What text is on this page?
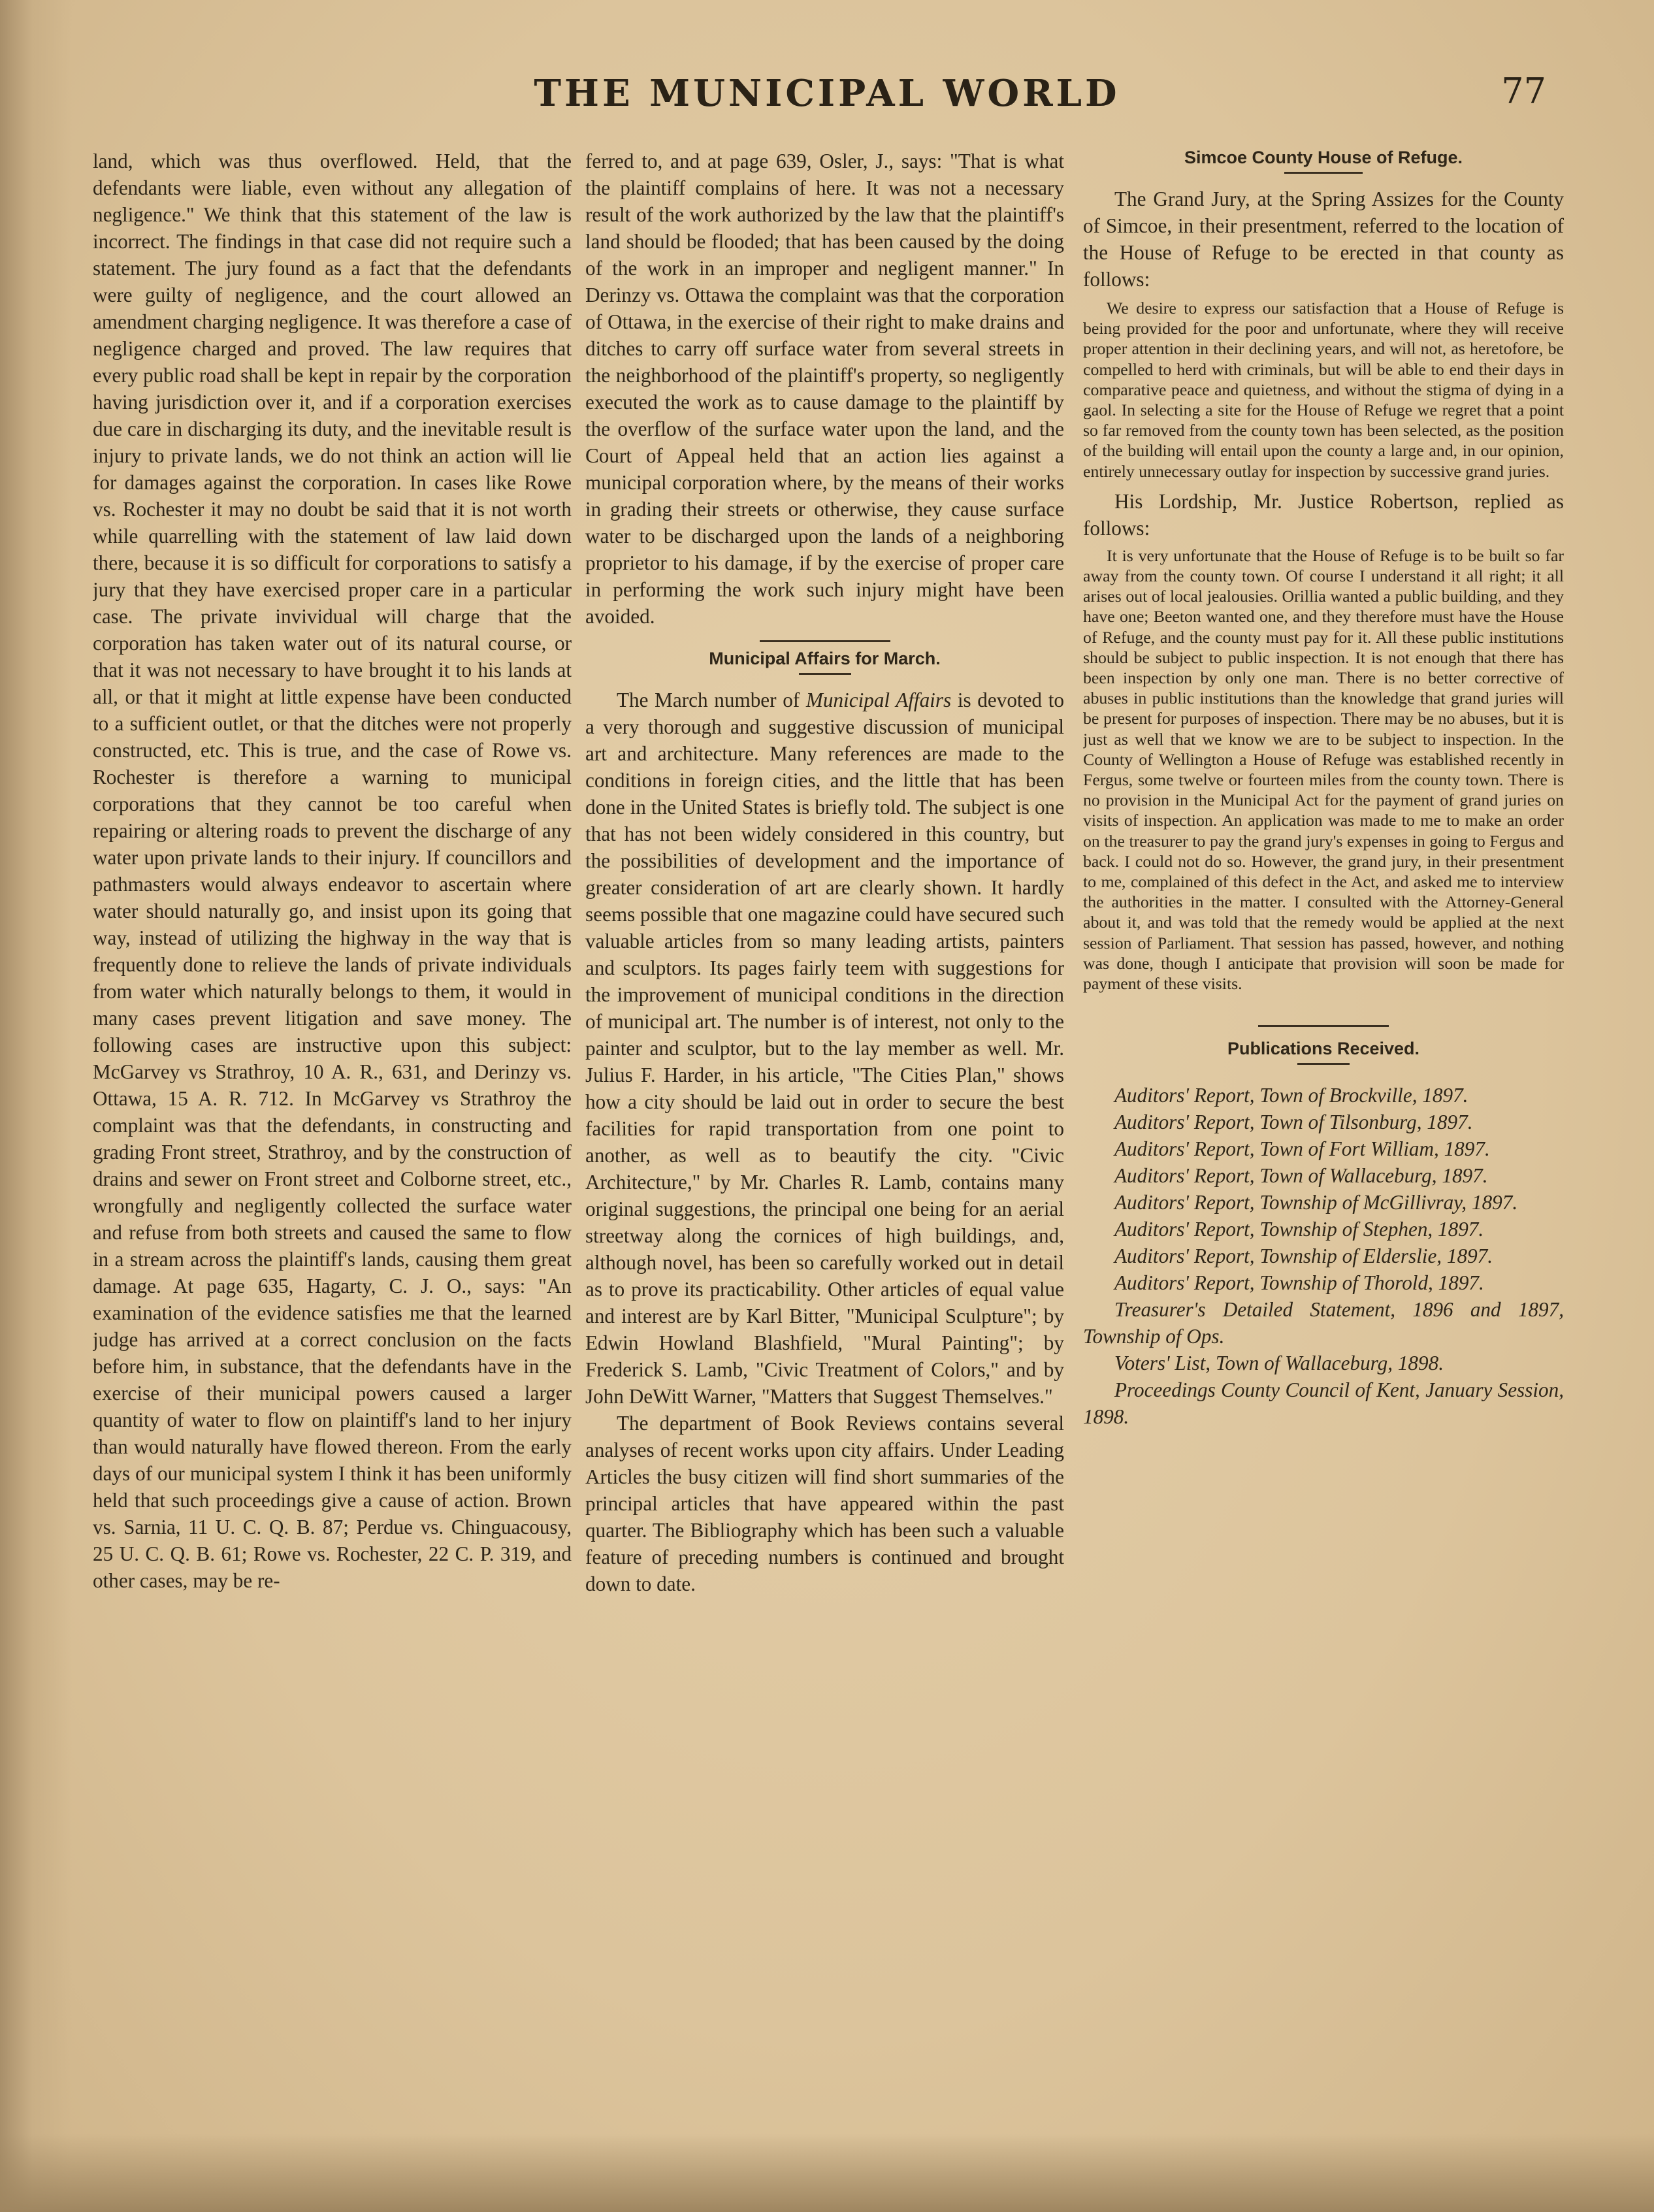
THE MUNICIPAL WORLD	77

land, which was thus overflowed. Held, that the defendants were liable, even without any allegation of negligence." We think that this statement of the law is incorrect. The findings in that case did not require such a statement. The jury found as a fact that the defendants were guilty of negligence, and the court allowed an amendment charging negligence. It was therefore a case of negligence charged and proved. The law requires that every public road shall be kept in repair by the corporation having jurisdiction over it, and if a corporation exercises due care in discharging its duty, and the inevitable result is injury to private lands, we do not think an action will lie for damages against the corporation. In cases like Rowe vs. Rochester it may no doubt be said that it is not worth while quarrelling with the statement of law laid down there, because it is so difficult for corporations to satisfy a jury that they have exercised proper care in a particular case. The private invividual will charge that the corporation has taken water out of its natural course, or that it was not necessary to have brought it to his lands at all, or that it might at little expense have been conducted to a sufficient outlet, or that the ditches were not properly constructed, etc. This is true, and the case of Rowe vs. Rochester is therefore a warning to municipal corporations that they cannot be too careful when repairing or altering roads to prevent the discharge of any water upon private lands to their injury. If councillors and pathmasters would always endeavor to ascertain where water should naturally go, and insist upon its going that way, instead of utilizing the highway in the way that is frequently done to relieve the lands of private individuals from water which naturally belongs to them, it would in many cases prevent litigation and save money. The following cases are instructive upon this subject: McGarvey vs Strathroy, 10 A. R., 631, and Derinzy vs. Ottawa, 15 A. R. 712. In McGarvey vs Strathroy the complaint was that the defendants, in constructing and grading Front street, Strathroy, and by the construction of drains and sewer on Front street and Colborne street, etc., wrongfully and negligently collected the surface water and refuse from both streets and caused the same to flow in a stream across the plaintiff's lands, causing them great damage. At page 635, Hagarty, C. J. O., says: "An examination of the evidence satisfies me that the learned judge has arrived at a correct conclusion on the facts before him, in substance, that the defendants have in the exercise of their municipal powers caused a larger quantity of water to flow on plaintiff's land to her injury than would naturally have flowed thereon. From the early days of our municipal system I think it has been uniformly held that such proceedings give a cause of action. Brown vs. Sarnia, 11 U. C. Q. B. 87; Perdue vs. Chinguacousy, 25 U. C. Q. B. 61; Rowe vs. Rochester, 22 C. P. 319, and other cases, may be re-

ferred to, and at page 639, Osler, J., says: "That is what the plaintiff complains of here. It was not a necessary result of the work authorized by the law that the plaintiff's land should be flooded; that has been caused by the doing of the work in an improper and negligent manner." In Derinzy vs. Ottawa the complaint was that the corporation of Ottawa, in the exercise of their right to make drains and ditches to carry off surface water from several streets in the neighborhood of the plaintiff's property, so negligently executed the work as to cause damage to the plaintiff by the overflow of the surface water upon the land, and the Court of Appeal held that an action lies against a municipal corporation where, by the means of their works in grading their streets or otherwise, they cause surface water to be discharged upon the lands of a neighboring proprietor to his damage, if by the exercise of proper care in performing the work such injury might have been avoided.

Municipal Affairs for March.

The March number of Municipal Affairs is devoted to a very thorough and suggestive discussion of municipal art and architecture. Many references are made to the conditions in foreign cities, and the little that has been done in the United States is briefly told. The subject is one that has not been widely considered in this country, but the possibilities of development and the importance of greater consideration of art are clearly shown. It hardly seems possible that one magazine could have secured such valuable articles from so many leading artists, painters and sculptors. Its pages fairly teem with suggestions for the improvement of municipal conditions in the direction of municipal art. The number is of interest, not only to the painter and sculptor, but to the lay member as well. Mr. Julius F. Harder, in his article, "The Cities Plan," shows how a city should be laid out in order to secure the best facilities for rapid transportation from one point to another, as well as to beautify the city. "Civic Architecture," by Mr. Charles R. Lamb, contains many original suggestions, the principal one being for an aerial streetway along the cornices of high buildings, and, although novel, has been so carefully worked out in detail as to prove its practicability. Other articles of equal value and interest are by Karl Bitter, "Municipal Sculpture"; by Edwin Howland Blashfield, "Mural Painting"; by Frederick S. Lamb, "Civic Treatment of Colors," and by John DeWitt Warner, "Matters that Suggest Themselves."

The department of Book Reviews contains several analyses of recent works upon city affairs. Under Leading Articles the busy citizen will find short summaries of the principal articles that have appeared within the past quarter. The Bibliography which has been such a valuable feature of preceding numbers is continued and brought down to date.

Simcoe County House of Refuge.

The Grand Jury, at the Spring Assizes for the County of Simcoe, in their presentment, referred to the location of the House of Refuge to be erected in that county as follows:

We desire to express our satisfaction that a House of Refuge is being provided for the poor and unfortunate, where they will receive proper attention in their declining years, and will not, as heretofore, be compelled to herd with criminals, but will be able to end their days in comparative peace and quietness, and without the stigma of dying in a gaol. In selecting a site for the House of Refuge we regret that a point so far removed from the county town has been selected, as the position of the building will entail upon the county a large and, in our opinion, entirely unnecessary outlay for inspection by successive grand juries.

His Lordship, Mr. Justice Robertson, replied as follows:

It is very unfortunate that the House of Refuge is to be built so far away from the county town. Of course I understand it all right; it all arises out of local jealousies. Orillia wanted a public building, and they have one; Beeton wanted one, and they therefore must have the House of Refuge, and the county must pay for it. All these public institutions should be subject to public inspection. It is not enough that there has been inspection by only one man. There is no better corrective of abuses in public institutions than the knowledge that grand juries will be present for purposes of inspection. There may be no abuses, but it is just as well that we know we are to be subject to inspection. In the County of Wellington a House of Refuge was established recently in Fergus, some twelve or fourteen miles from the county town. There is no provision in the Municipal Act for the payment of grand juries on visits of inspection. An application was made to me to make an order on the treasurer to pay the grand jury's expenses in going to Fergus and back. I could not do so. However, the grand jury, in their presentment to me, complained of this defect in the Act, and asked me to interview the authorities in the matter. I consulted with the Attorney-General about it, and was told that the remedy would be applied at the next session of Parliament. That session has passed, however, and nothing was done, though I anticipate that provision will soon be made for payment of these visits.

Publications Received.

Auditors' Report, Town of Brockville, 1897.

Auditors' Report, Town of Tilsonburg, 1897.

Auditors' Report, Town of Fort William, 1897.

Auditors' Report, Town of Wallaceburg, 1897.

Auditors' Report, Township of McGillivray, 1897.

Auditors' Report, Township of Stephen, 1897.

Auditors' Report, Township of Elderslie, 1897.

Auditors' Report, Township of Thorold, 1897.

Treasurer's Detailed Statement, 1896 and 1897, Township of Ops.

Voters' List, Town of Wallaceburg, 1898.

Proceedings County Council of Kent, January Session, 1898.
